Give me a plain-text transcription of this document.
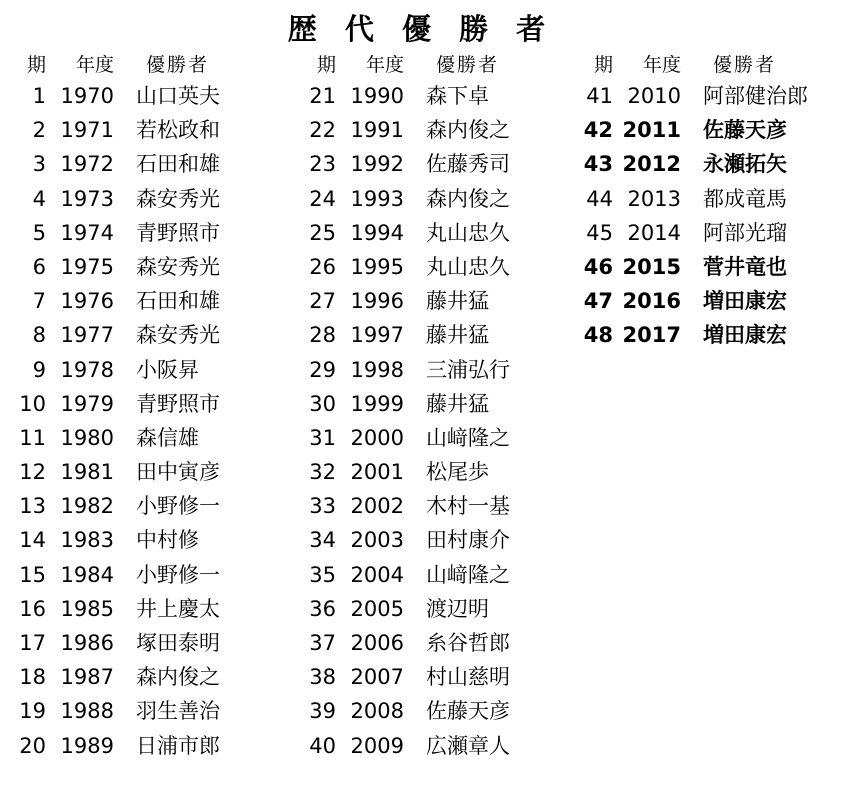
歴 代 優 勝 者
期	年度	優勝者
1 1970	山口英夫
2 1971	若松政和
3 1972	石田和雄
4 1973	森安秀光
5 1974	青野照市
6 1975	森安秀光
7 1976	石田和雄
8 1977	森安秀光
9 1978	小阪昇
10 1979	青野照市
11 1980	森信雄
12 1981	田中寅彦
13 1982	小野修一
14 1983	中村修
15 1984	小野修一
16 1985	井上慶太
17 1986	塚田泰明
18 1987	森内俊之
19 1988	羽生善治
20 1989	日浦市郎
期	年度	優勝者
21 1990	森下卓
22 1991	森内俊之
23 1992	佐藤秀司
24 1993	森内俊之
25 1994	丸山忠久
26 1995	丸山忠久
27 1996	藤井猛
28 1997	藤井猛
29 1998	三浦弘行
30 1999	藤井猛
31 2000	山﨑隆之
32 2001	松尾歩
33 2002	木村一基
34 2003	田村康介
35 2004	山﨑隆之
36 2005	渡辺明
37 2006	糸谷哲郎
38 2007	村山慈明
39 2008	佐藤天彦
40 2009	広瀬章人
期	年度	優勝者
41 2010	阿部健治郎
42 2011	佐藤天彦
43 2012	永瀬拓矢
44 2013	都成竜馬
45 2014	阿部光瑠
46 2015	菅井竜也
47 2016	増田康宏
48 2017	増田康宏
